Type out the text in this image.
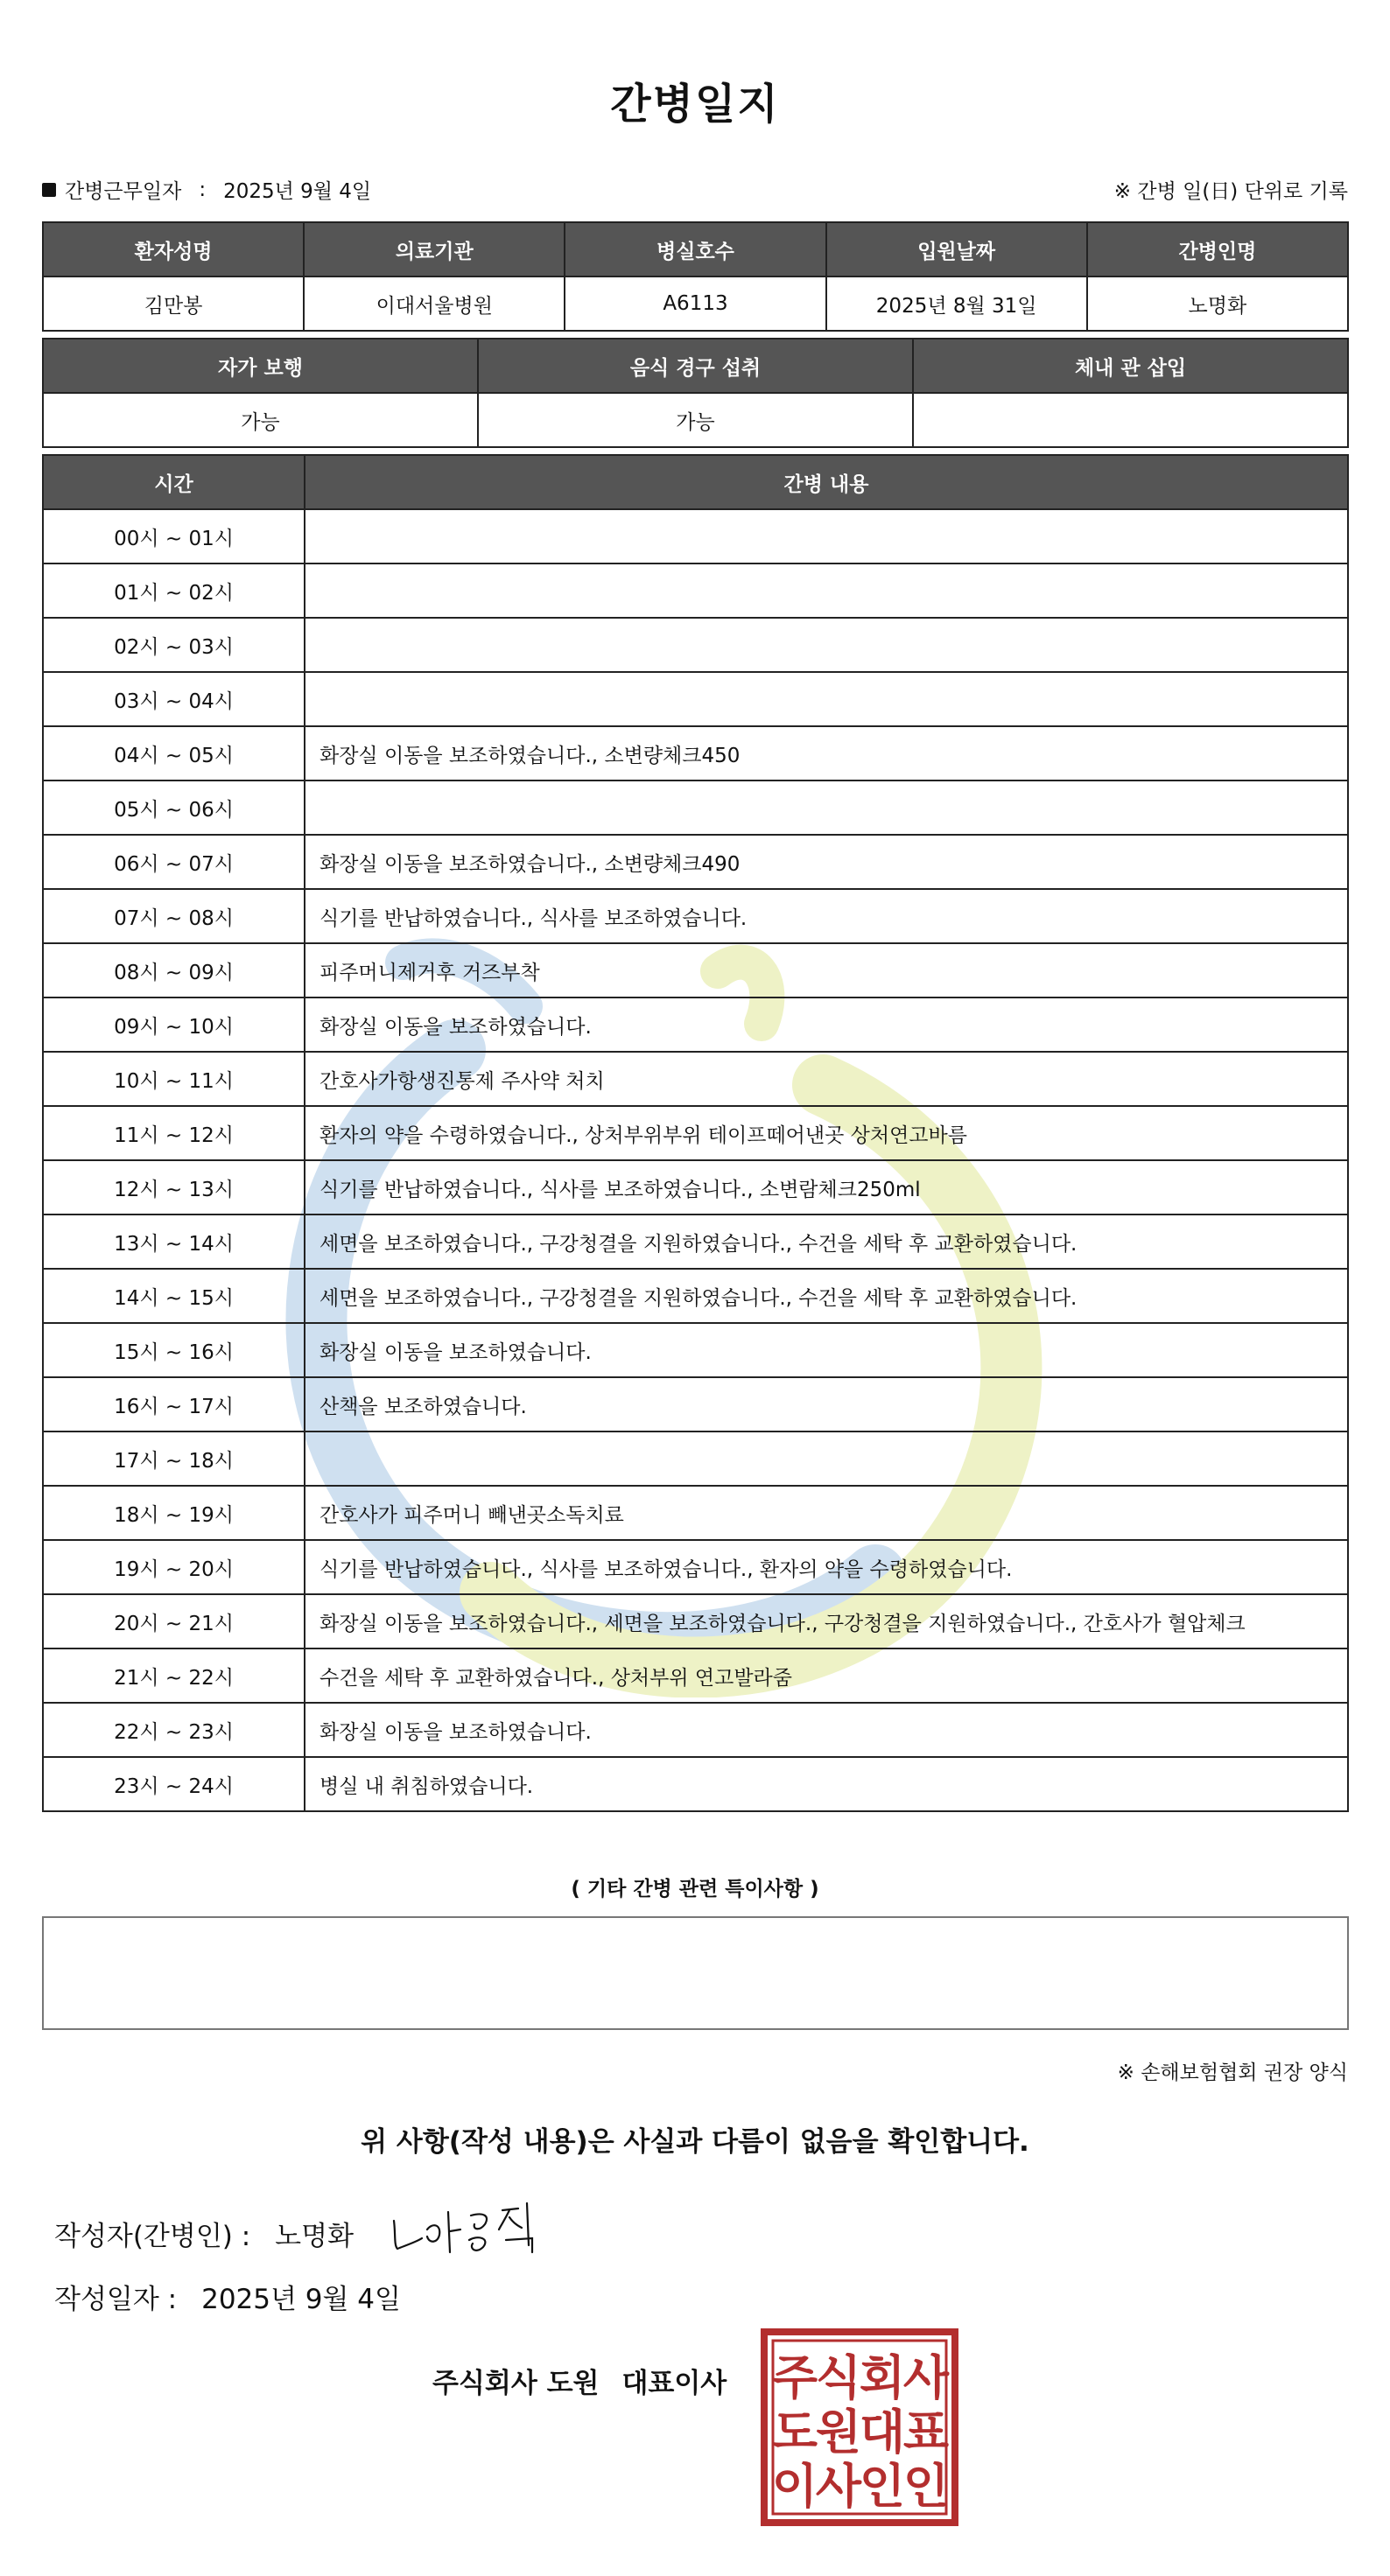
간병일지
간병근무일자 : 2025년 9월 4일	※ 간병 일(日) 단위로 기록
환자성명	의료기관	병실호수	입원날짜	간병인명
김만봉	이대서울병원	A6113	2025년 8월 31일	노명화
자가 보행	음식 경구 섭취	체내 관 삽입
가능	가능	
시간	간병 내용
00시 ~ 01시	
01시 ~ 02시	
02시 ~ 03시	
03시 ~ 04시	
04시 ~ 05시	화장실 이동을 보조하였습니다., 소변량체크450
05시 ~ 06시	
06시 ~ 07시	화장실 이동을 보조하였습니다., 소변량체크490
07시 ~ 08시	식기를 반납하였습니다., 식사를 보조하였습니다.
08시 ~ 09시	피주머니제거후 거즈부착
09시 ~ 10시	화장실 이동을 보조하였습니다.
10시 ~ 11시	간호사가항생진통제 주사약 처치
11시 ~ 12시	환자의 약을 수령하였습니다., 상처부위부위 테이프떼어낸곳 상처연고바름
12시 ~ 13시	식기를 반납하였습니다., 식사를 보조하였습니다., 소변람체크250ml
13시 ~ 14시	세면을 보조하였습니다., 구강청결을 지원하였습니다., 수건을 세탁 후 교환하였습니다.
14시 ~ 15시	세면을 보조하였습니다., 구강청결을 지원하였습니다., 수건을 세탁 후 교환하였습니다.
15시 ~ 16시	화장실 이동을 보조하였습니다.
16시 ~ 17시	산책을 보조하였습니다.
17시 ~ 18시	
18시 ~ 19시	간호사가 피주머니 빼낸곳소독치료
19시 ~ 20시	식기를 반납하였습니다., 식사를 보조하였습니다., 환자의 약을 수령하였습니다.
20시 ~ 21시	화장실 이동을 보조하였습니다., 세면을 보조하였습니다., 구강청결을 지원하였습니다., 간호사가 혈압체크
21시 ~ 22시	수건을 세탁 후 교환하였습니다., 상처부위 연고발라줌
22시 ~ 23시	화장실 이동을 보조하였습니다.
23시 ~ 24시	병실 내 취침하였습니다.
( 기타 간병 관련 특이사항 )
※ 손해보험협회 권장 양식
위 사항(작성 내용)은 사실과 다름이 없음을 확인합니다.
작성자(간병인) : 노명화
작성일자 : 2025년 9월 4일
주식회사 도원 대표이사 주
식
회
사
도
원
대
표
이
사
인
인
